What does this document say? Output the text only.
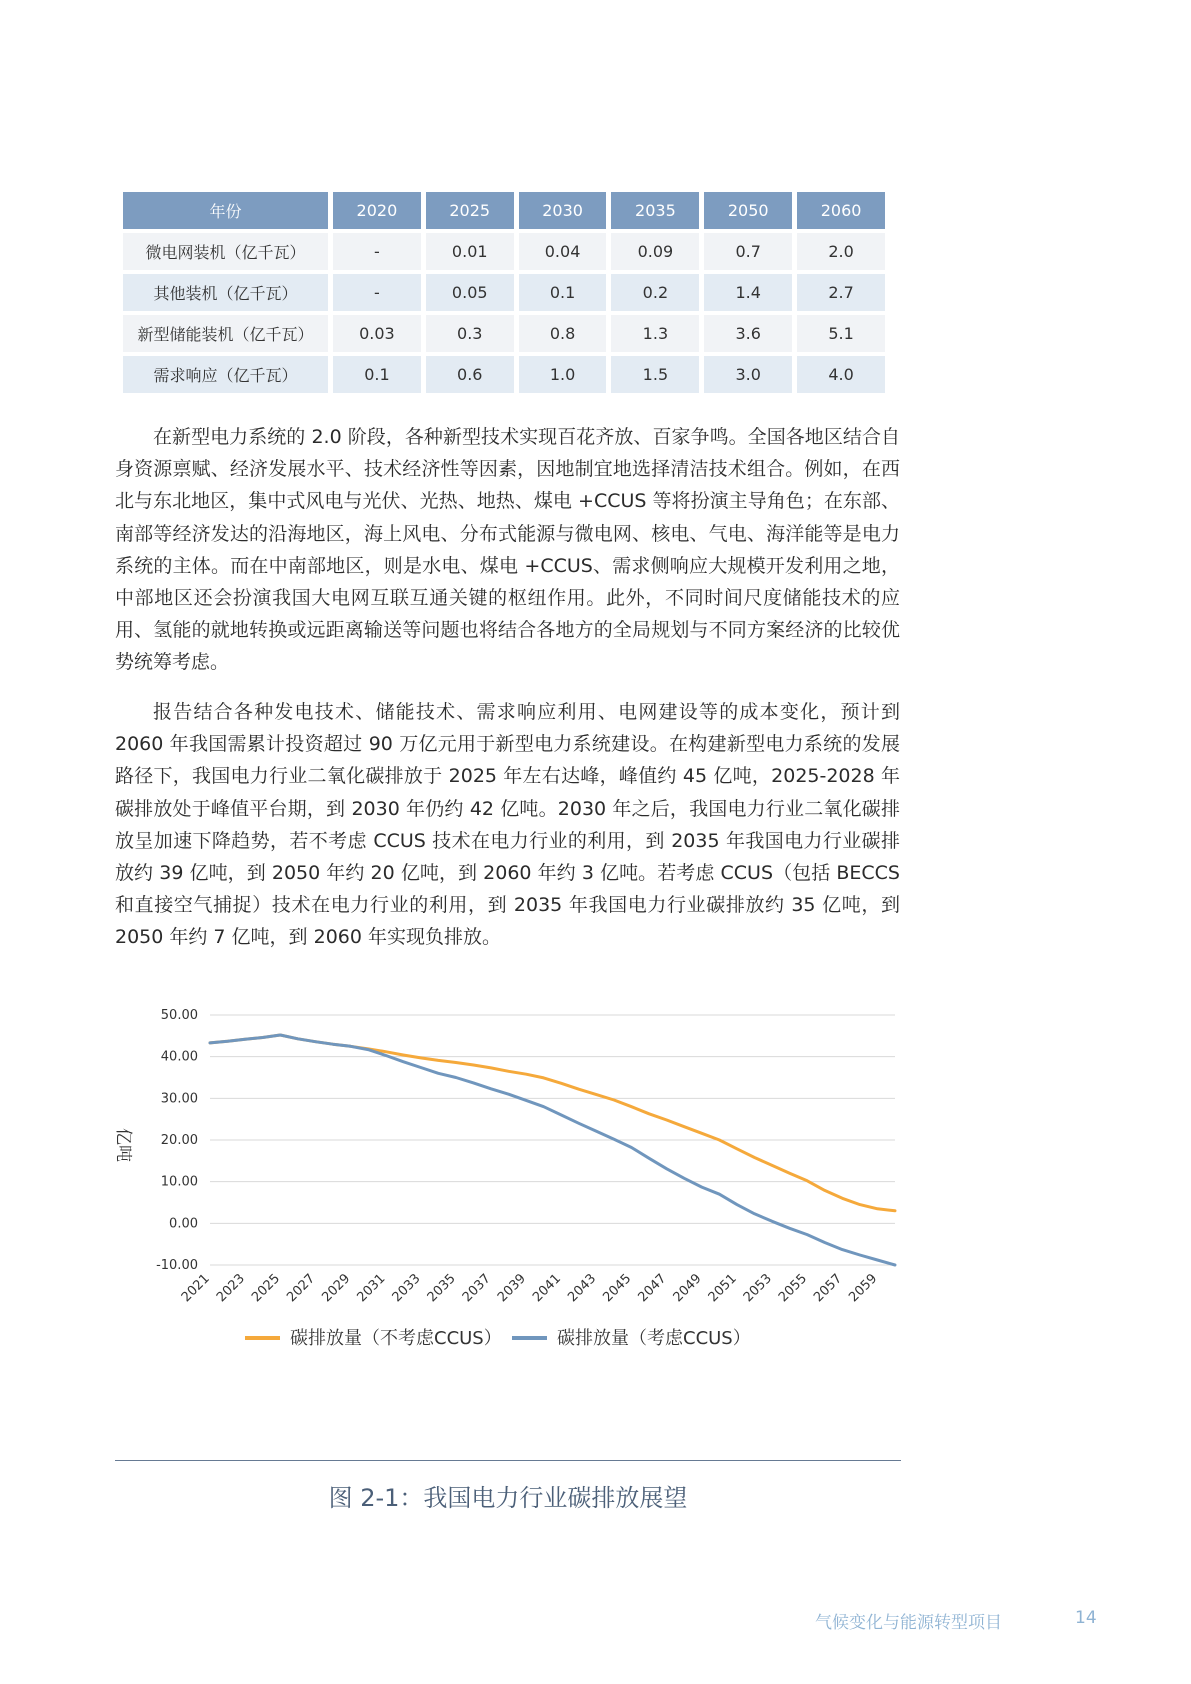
年份	2020	2025	2030	2035	2050	2060
微电网装机（亿千瓦）	-	0.01	0.04	0.09	0.7	2.0
其他装机（亿千瓦）	-	0.05	0.1	0.2	1.4	2.7
新型储能装机（亿千瓦）	0.03	0.3	0.8	1.3	3.6	5.1
需求响应（亿千瓦）	0.1	0.6	1.0	1.5	3.0	4.0

在新型电力系统的 2.0 阶段，各种新型技术实现百花齐放、百家争鸣。全国各地区结合自身资源禀赋、经济发展水平、技术经济性等因素，因地制宜地选择清洁技术组合。例如，在西北与东北地区，集中式风电与光伏、光热、地热、煤电 +CCUS 等将扮演主导角色；在东部、南部等经济发达的沿海地区，海上风电、分布式能源与微电网、核电、气电、海洋能等是电力系统的主体。而在中南部地区，则是水电、煤电 +CCUS、需求侧响应大规模开发利用之地，中部地区还会扮演我国大电网互联互通关键的枢纽作用。此外，不同时间尺度储能技术的应用、氢能的就地转换或远距离输送等问题也将结合各地方的全局规划与不同方案经济的比较优势统筹考虑。

报告结合各种发电技术、储能技术、需求响应利用、电网建设等的成本变化，预计到 2060 年我国需累计投资超过 90 万亿元用于新型电力系统建设。在构建新型电力系统的发展路径下，我国电力行业二氧化碳排放于 2025 年左右达峰，峰值约 45 亿吨，2025-2028 年碳排放处于峰值平台期，到 2030 年仍约 42 亿吨。2030 年之后，我国电力行业二氧化碳排放呈加速下降趋势，若不考虑 CCUS 技术在电力行业的利用，到 2035 年我国电力行业碳排放约 39 亿吨，到 2050 年约 20 亿吨，到 2060 年约 3 亿吨。若考虑 CCUS（包括 BECCS 和直接空气捕捉）技术在电力行业的利用，到 2035 年我国电力行业碳排放约 35 亿吨，到 2050 年约 7 亿吨，到 2060 年实现负排放。

50.00
40.00
30.00
20.00
10.00
0.00
-10.00
2021 2023 2025 2027 2029 2031 2033 2035 2037 2039 2041 2043 2045 2047 2049 2051 2053 2055 2057 2059
亿吨
碳排放量（不考虑CCUS）	碳排放量（考虑CCUS）
图 2-1：我国电力行业碳排放展望
气候变化与能源转型项目	14
